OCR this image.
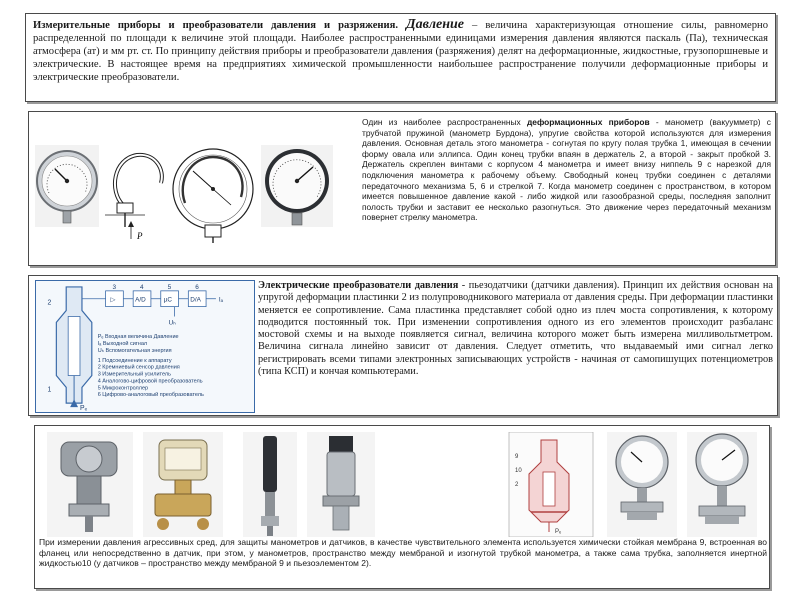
Измерительные приборы и преобразователи давления и разряжения. Давление – величина характеризующая отношение силы, равномерно распределенной по площади к величине этой площади. Наиболее распространенными единицами измерения давления являются паскаль (Па), техническая атмосфера (ат) и мм рт. ст. По принципу действия приборы и преобразователи давления (разряжения) делят на деформационные, жидкостные, грузопоршневые и электрические. В настоящее время на предприятиях химической промышленности наибольшее распространение получили деформационные приборы и электрические преобразователи.

P

Один из наиболее распространенных деформационных приборов - манометр (вакуумметр) с трубчатой пружиной (манометр Бурдона), упругие свойства которой используются для измерения давления. Основная деталь этого манометра - согнутая по кругу полая трубка 1, имеющая в сечении форму овала или эллипса. Один конец трубки впаян в держатель 2, а второй - закрыт пробкой 3. Держатель скреплен винтами с корпусом 4 манометра и имеет внизу ниппель 9 с нарезкой для подключения манометра к рабочему объему. Свободный конец трубки соединен с деталями передаточного механизма 5, 6 и стрелкой 7. Когда манометр соединен с пространством, в котором имеется повышенное давление какой - либо жидкой или газообразной среды, последняя заполнит полость трубки и заставит ее несколько разогнуться. Это движение через передаточный механизм повернет стрелку манометра.

Pₑ
2
1
▷	A/D	µC	D/A
3	4	5	6
Iₐ
Uₕ
Pₑ Входная величина Давление
Iₐ Выходной сигнал
Uₕ Вспомогательная энергия
1 Подсоединение к аппарату
2 Кремниевый сенсор давления
3 Измерительный усилитель
4 Аналогово-цифровой преобразователь
5 Микроконтроллер
6 Цифрово-аналоговый преобразователь

Электрические преобразователи давления - пьезодатчики (датчики давления). Принцип их действия основан на упругой деформации пластинки 2 из полупроводникового материала от давления среды. При деформации пластинки меняется ее сопротивление. Сама пластинка представляет собой одно из плеч моста сопротивления, к которому подводится постоянный ток. При изменении сопротивления одного из его элементов происходит разбаланс мостовой схемы и на выходе появляется сигнал, величина которого может быть измерена милливольтметром. Величина сигнала линейно зависит от давления. Следует отметить, что выдаваемый ими сигнал легко регистрировать всеми типами электронных записывающих устройств - начиная от самопишущих потенциометров (типа КСП) и кончая компьютерами.

9
10
2
Pₑ

При измерении давления агрессивных сред, для защиты манометров и датчиков, в качестве чувствительного элемента используется химически стойкая мембрана 9, встроенная во фланец или непосредственно в датчик, при этом, у манометров, пространство между мембраной и изогнутой трубкой манометра, а также сама трубка, заполняется инертной жидкостью10 (у датчиков – пространство между мембраной 9 и пьезоэлементом 2).
